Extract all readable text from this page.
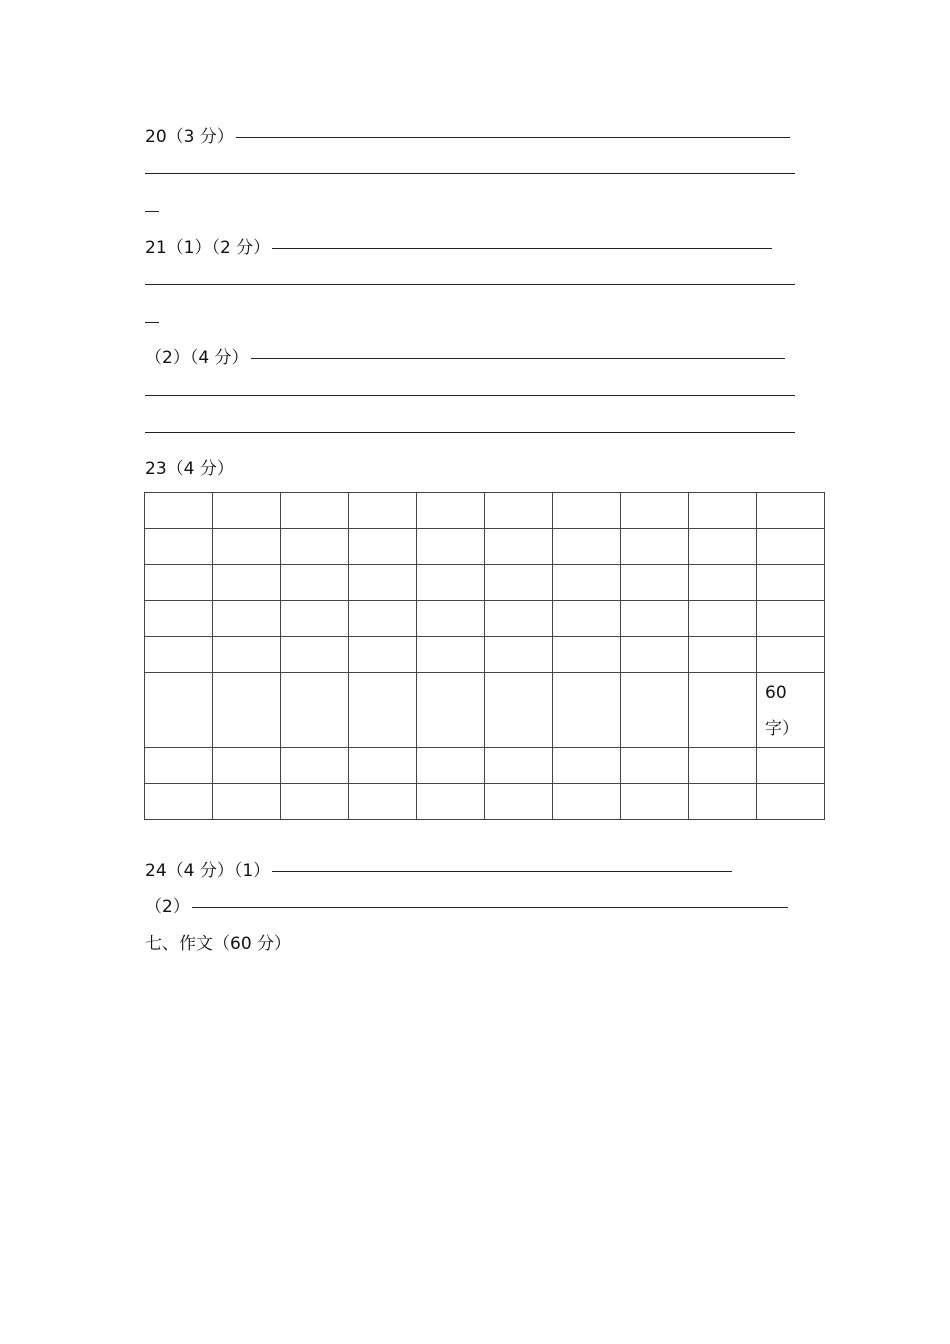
20（3 分）
21（1）（2 分）
（2）（4 分）
23（4 分）

									60
字）

24（4 分）（1）
（2）
七、作文（60 分）
